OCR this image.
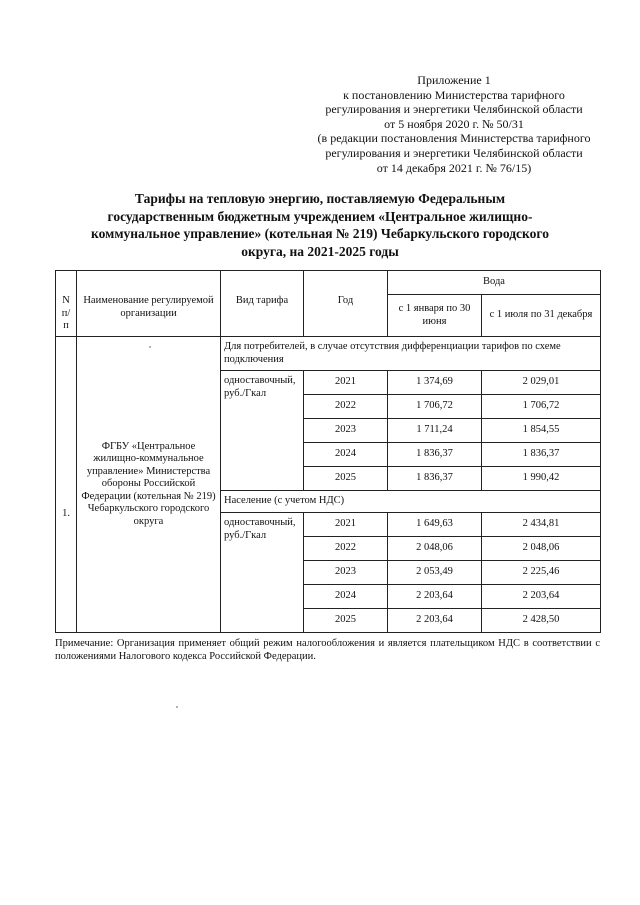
Приложение 1
к постановлению Министерства тарифного
регулирования и энергетики Челябинской области
от 5 ноября 2020 г. № 50/31
(в редакции постановления Министерства тарифного
регулирования и энергетики Челябинской области
от 14 декабря 2021 г. № 76/15)
Тарифы на тепловую энергию, поставляемую Федеральным
государственным бюджетным учреждением «Центральное жилищно-
коммунальное управление» (котельная № 219) Чебаркульского городского
округа, на 2021-2025 годы
N п/п	Наименование регулируемой организации	Вид тарифа	Год	Вода	
				с 1 января по 30 июня	с 1 июля по 31 декабря
1.	ФГБУ «Центральное жилищно-коммунальное управление» Министерства обороны Российской Федерации (котельная № 219) Чебаркульского городского округа	Для потребителей, в случае отсутствия дифференциации тарифов по схеме подключения			
		одноставочный, руб./Гкал	2021	1 374,69	2 029,01
			2022	1 706,72	1 706,72
			2023	1 711,24	1 854,55
			2024	1 836,37	1 836,37
			2025	1 836,37	1 990,42
		Население (с учетом НДС)			
		одноставочный, руб./Гкал	2021	1 649,63	2 434,81
			2022	2 048,06	2 048,06
			2023	2 053,49	2 225,46
			2024	2 203,64	2 203,64
			2025	2 203,64	2 428,50
Примечание: Организация применяет общий режим налогообложения и является плательщиком НДС в соответствии с положениями Налогового кодекса Российской Федерации.
